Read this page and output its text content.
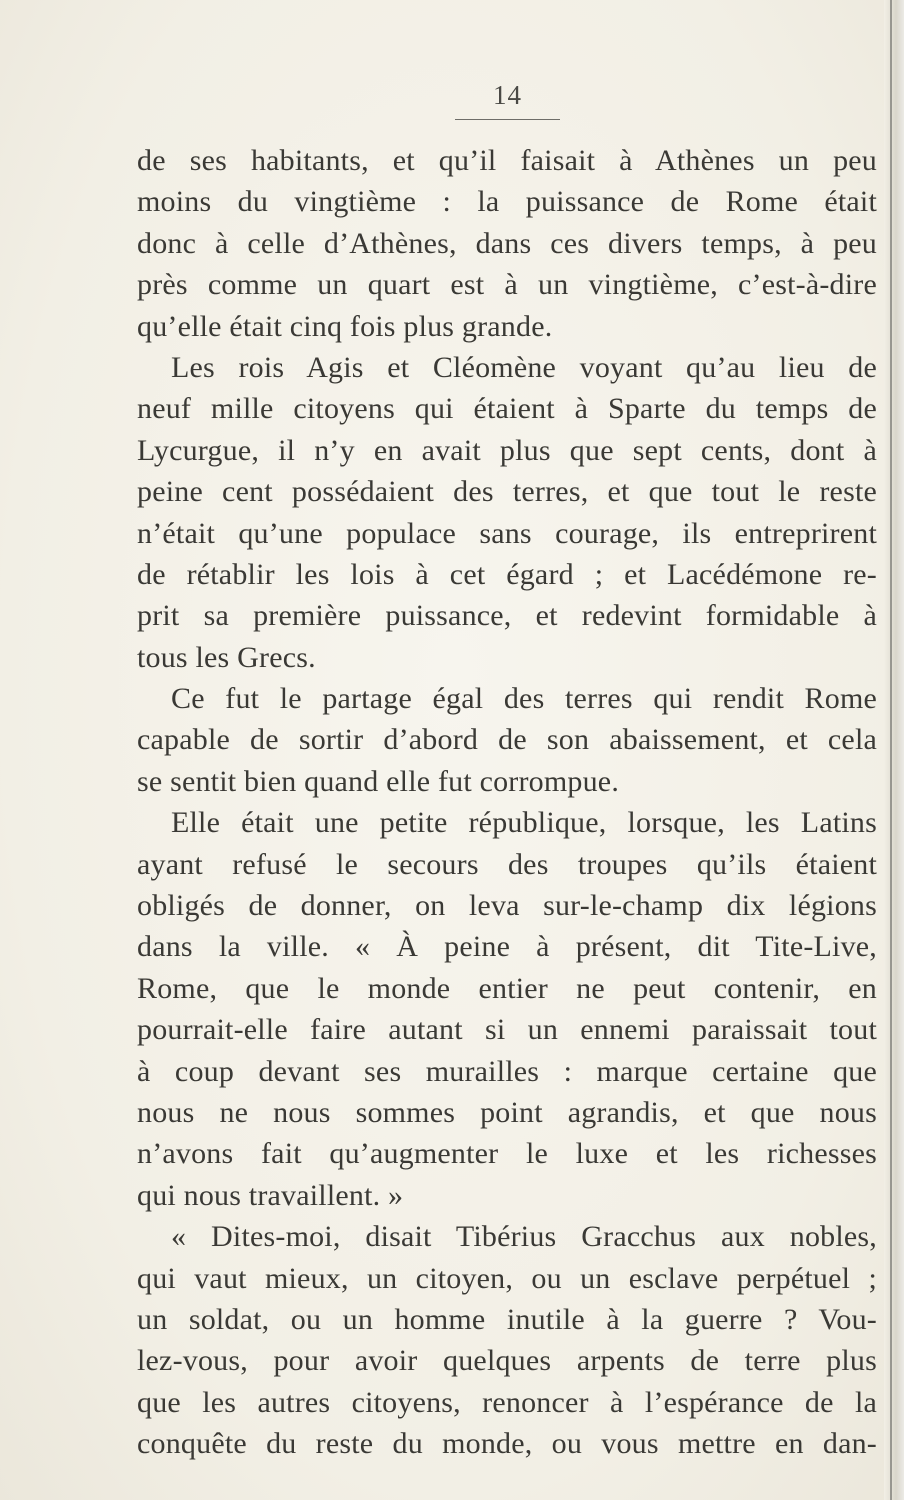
14
de ses habitants, et qu’il faisait à Athènes un peu
moins du vingtième : la puissance de Rome était
donc à celle d’Athènes, dans ces divers temps, à peu
près comme un quart est à un vingtième, c’est-à-dire
qu’elle était cinq fois plus grande.
Les rois Agis et Cléomène voyant qu’au lieu de
neuf mille citoyens qui étaient à Sparte du temps de
Lycurgue, il n’y en avait plus que sept cents, dont à
peine cent possédaient des terres, et que tout le reste
n’était qu’une populace sans courage, ils entreprirent
de rétablir les lois à cet égard ; et Lacédémone re-
prit sa première puissance, et redevint formidable à
tous les Grecs.
Ce fut le partage égal des terres qui rendit Rome
capable de sortir d’abord de son abaissement, et cela
se sentit bien quand elle fut corrompue.
Elle était une petite république, lorsque, les Latins
ayant refusé le secours des troupes qu’ils étaient
obligés de donner, on leva sur-le-champ dix légions
dans la ville. « À peine à présent, dit Tite-Live,
Rome, que le monde entier ne peut contenir, en
pourrait-elle faire autant si un ennemi paraissait tout
à coup devant ses murailles : marque certaine que
nous ne nous sommes point agrandis, et que nous
n’avons fait qu’augmenter le luxe et les richesses
qui nous travaillent. »
« Dites-moi, disait Tibérius Gracchus aux nobles,
qui vaut mieux, un citoyen, ou un esclave perpétuel ;
un soldat, ou un homme inutile à la guerre ? Vou-
lez-vous, pour avoir quelques arpents de terre plus
que les autres citoyens, renoncer à l’espérance de la
conquête du reste du monde, ou vous mettre en dan-
